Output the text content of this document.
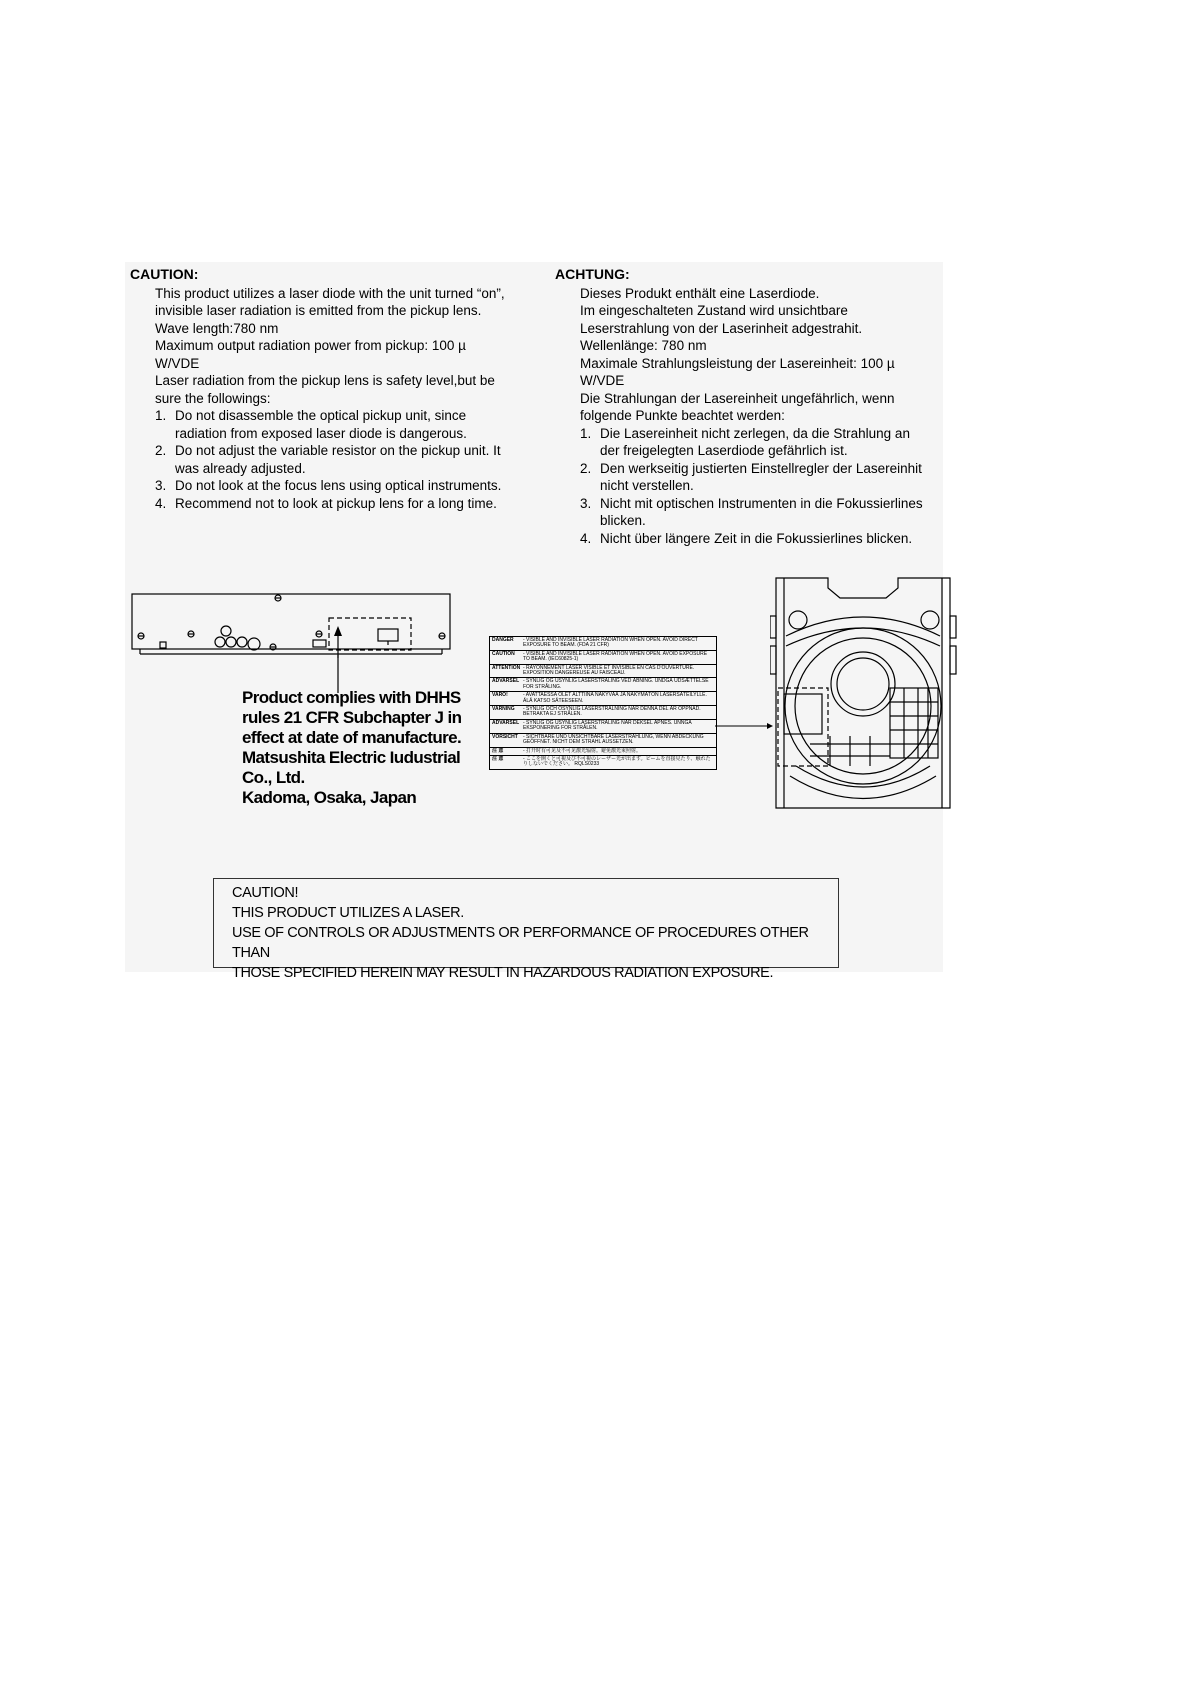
CAUTION:
This product utilizes a laser diode with the unit turned “on”,
invisible laser radiation is emitted from the pickup lens.
Wave length:780 nm
Maximum output radiation power from pickup: 100 µ
W/VDE
Laser radiation from the pickup lens is safety level,but be
sure the followings:
1. Do not disassemble the optical pickup unit, since
radiation from exposed laser diode is dangerous.
2. Do not adjust the variable resistor on the pickup unit. It
was already adjusted.
3. Do not look at the focus lens using optical instruments.
4. Recommend not to look at pickup lens for a long time.
ACHTUNG:
Dieses Produkt enthält eine Laserdiode.
Im eingeschalteten Zustand wird unsichtbare
Leserstrahlung von der Laserinheit adgestrahit.
Wellenlänge: 780 nm
Maximale Strahlungsleistung der Lasereinheit: 100 µ
W/VDE
Die Strahlungan der Lasereinheit ungefährlich, wenn
folgende Punkte beachtet werden:
1. Die Lasereinheit nicht zerlegen, da die Strahlung an
der freigelegten Laserdiode gefährlich ist.
2. Den werkseitig justierten Einstellregler der Lasereinhit
nicht verstellen.
3. Nicht mit optischen Instrumenten in die Fokussierlines
blicken.
4. Nicht über längere Zeit in die Fokussierlines blicken.
Product complies with DHHS
rules 21 CFR Subchapter J in
effect at date of manufacture.
Matsushita Electric Iudustrial
Co., Ltd.
Kadoma, Osaka, Japan
DANGER	- VISIBLE AND INVISIBLE LASER RADIATION WHEN OPEN. AVOID DIRECT EXPOSURE TO BEAM. (FDA 21 CFR)
CAUTION	- VISIBLE AND INVISIBLE LASER RADIATION WHEN OPEN. AVOID EXPOSURE TO BEAM. (IEC60825-1)
ATTENTION - RAYONNEMENT LASER VISIBLE ET INVISIBLE EN CAS D'OUVERTURE. EXPOSITION DANGEREUSE AU FAISCEAU.
ADVARSEL - SYNLIG OG USYNLIG LASERSTRÅLING VED ÅBNING. UNDGÅ UDSÆTTELSE FOR STRÅLING.
VARO!	- AVATTAESSA OLET ALTTIINA NÄKYVÄÄ JA NÄKYMÄTÖN LASERSÄTEILYLLE. ÄLÄ KATSO SÄTEESEEN.
VARNING	- SYNLIG OCH OSYNLIG LASERSTRÅLNING NÄR DENNA DEL ÄR ÖPPNAD. BETRAKTA EJ STRÅLEN.
ADVARSEL - SYNLIG OG USYNLIG LASERSTRÅLING NÅR DEKSEL ÅPNES. UNNGÅ EKSPONERING FOR STRÅLEN.
VORSICHT	- SICHTBARE UND UNSICHTBARE LASERSTRAHLUNG, WENN ABDECKUNG GEÖFFNET. NICHT DEM STRAHL AUSSETZEN.
注 意	- 打开时有可见及不可见激光辐射。避免激光束照射。
注 意	- ここを開くと可視及び不可視のレーザー光が出ます。ビームを直接見たり、触れたりしないでください。 RQLS0233
CAUTION!
THIS PRODUCT UTILIZES A LASER.
USE OF CONTROLS OR ADJUSTMENTS OR PERFORMANCE OF PROCEDURES OTHER THAN
THOSE SPECIFIED HEREIN MAY RESULT IN HAZARDOUS RADIATION EXPOSURE.
